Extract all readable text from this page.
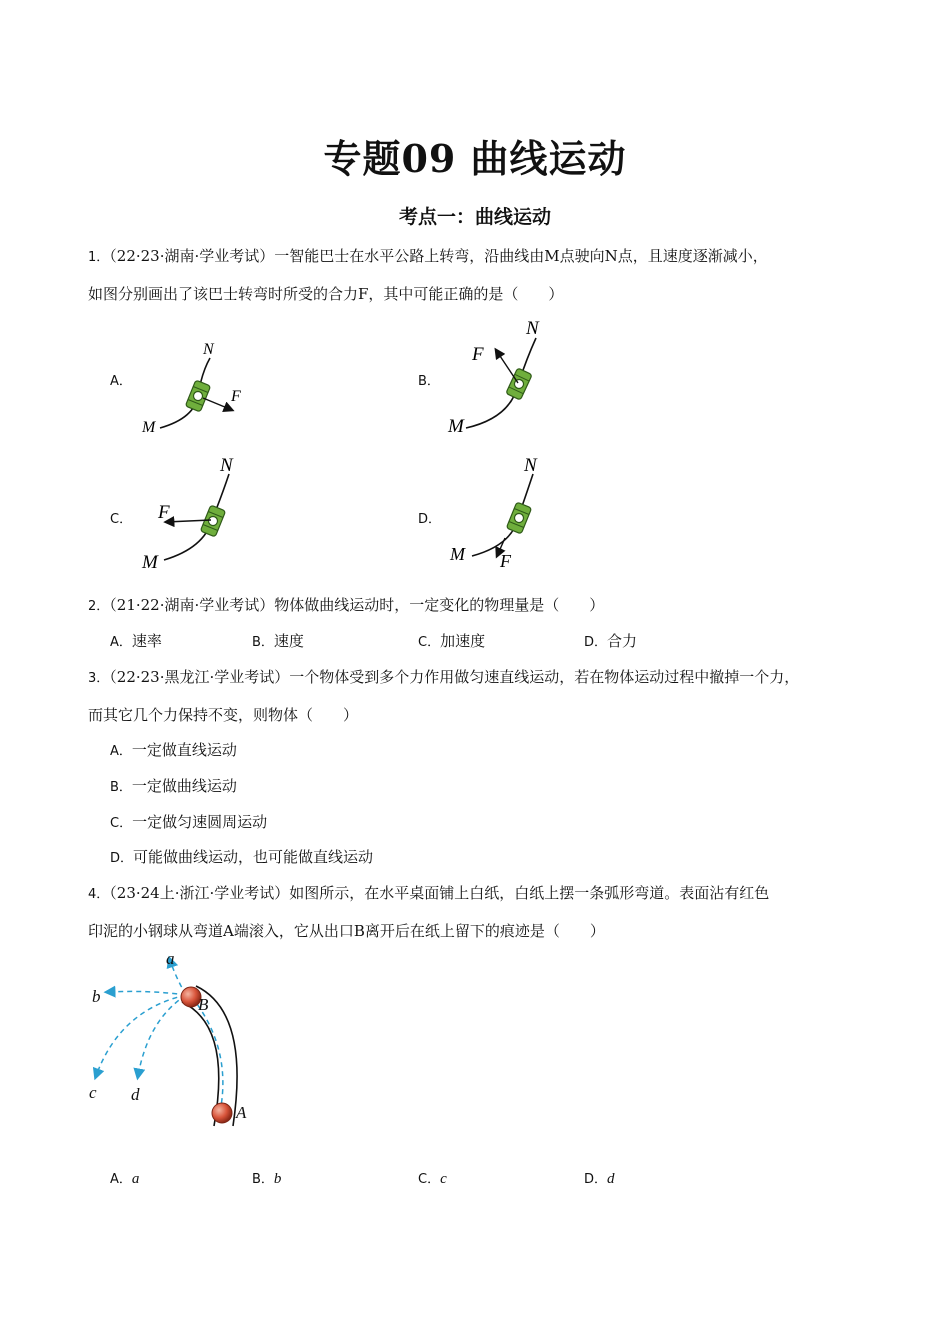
专题09 曲线运动
考点一：曲线运动
1．（22·23·湖南·学业考试）一智能巴士在水平公路上转弯，沿曲线由M点驶向N点，且速度逐渐减小，
如图分别画出了该巴士转弯时所受的合力F，其中可能正确的是（　　）
A．	B．
C．	D．
N
F
M
N
F
M
N
F
M
N
F
M
2．（21·22·湖南·学业考试）物体做曲线运动时，一定变化的物理量是（　　）
A．速率	B．速度	C．加速度	D．合力
3．（22·23·黑龙江·学业考试）一个物体受到多个力作用做匀速直线运动，若在物体运动过程中撤掉一个力，
而其它几个力保持不变，则物体（　　）
A．一定做直线运动
B．一定做曲线运动
C．一定做匀速圆周运动
D．可能做曲线运动，也可能做直线运动
4．（23·24上·浙江·学业考试）如图所示，在水平桌面铺上白纸，白纸上摆一条弧形弯道。表面沾有红色
印泥的小钢球从弯道A端滚入，它从出口B离开后在纸上留下的痕迹是（　　）
a
b
c d
B
A
A．a	B．b	C．c	D．d
